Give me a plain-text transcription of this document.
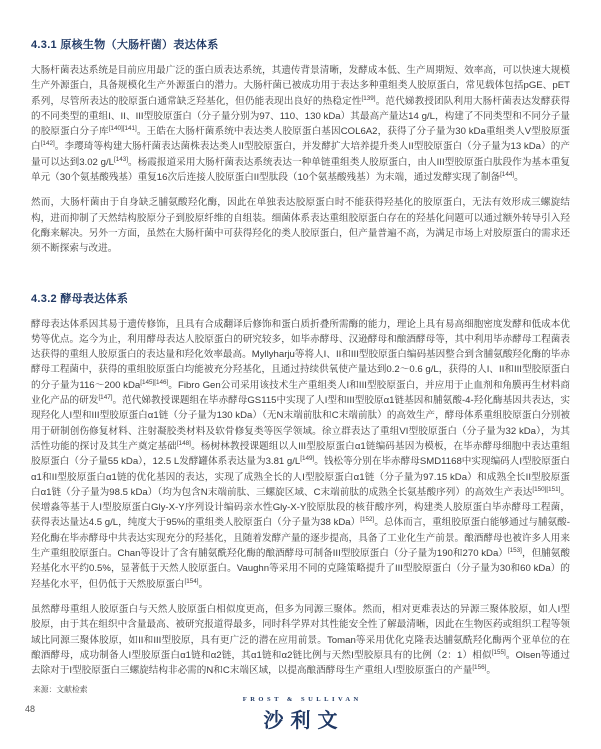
4.3.1 原核生物（大肠杆菌）表达体系

大肠杆菌表达系统是目前应用最广泛的蛋白质表达系统，其遗传背景清晰，发酵成本低、生产周期短、效率高，可以快速大规模生产外源蛋白，具备规模化生产外源蛋白的潜力。大肠杆菌已被成功用于表达多种重组类人胶原蛋白，常见载体包括pGE、pET系列，尽管所表达的胶原蛋白通常缺乏羟基化，但仍能表现出良好的热稳定性[139]。范代娣教授团队利用大肠杆菌表达发酵获得的不同类型的重组I、II、III型胶原蛋白（分子量分别为97、110、130 kDa）其最高产量达14 g/L，构建了不同类型和不同分子量的胶原蛋白分子库[140][141]。王皓在大肠杆菌系统中表达类人胶原蛋白基因COL6A2，获得了分子量为30 kDa重组类人V型胶原蛋白[142]。李璎琦等构建大肠杆菌表达菌株表达类人II型胶原蛋白，并发酵扩大培养提升类人II型胶原蛋白（分子量为13 kDa）的产量可以达到3.02 g/L[143]。杨霞报道采用大肠杆菌表达系统表达一种单链重组类人胶原蛋白，由人III型胶原蛋白肽段作为基本重复单元（30个氨基酸残基）重复16次后连接人胶原蛋白II型肽段（10个氨基酸残基）为末端，通过发酵实现了制备[144]。

然而，大肠杆菌由于自身缺乏脯氨酸羟化酶，因此在单独表达胶原蛋白时不能获得羟基化的胶原蛋白，无法有效形成三螺旋结构，进而抑制了天然结构胶原分子到胶原纤维的自组装。细菌体系表达重组胶原蛋白存在的羟基化问题可以通过额外转导引入羟化酶来解决。另外一方面，虽然在大肠杆菌中可获得羟化的类人胶原蛋白，但产量普遍不高，为满足市场上对胶原蛋白的需求还须不断探索与改进。

4.3.2 酵母表达体系

酵母表达体系因其易于遗传修饰，且具有合成翻译后修饰和蛋白质折叠所需酶的能力，理论上具有易高细胞密度发酵和低成本优势等优点。迄今为止，利用酵母表达人胶原蛋白的研究较多，如毕赤酵母、汉逊酵母和酿酒酵母等，其中利用毕赤酵母工程菌表达获得的重组人胶原蛋白的表达量和羟化效率最高。Myllyharju等将人I、II和III型胶原蛋白编码基因整合到含脯氨酸羟化酶的毕赤酵母工程菌中，获得的重组胶原蛋白均能被充分羟基化，且通过持续供氧使产量达到0.2～0.6 g/L，获得的人I、II和III型胶原蛋白的分子量为116～200 kDa[145][146]。Fibro Gen公司采用该技术生产重组类人I和III型胶原蛋白，并应用于止血剂和角膜再生材料商业化产品的研发[147]。范代娣教授课题组在毕赤酵母GS115中实现了人I型和III型胶原α1链基因和脯氨酸-4-羟化酶基因共表达，实现羟化人I型和III型胶原蛋白α1链（分子量为130 kDa）（无N末端前肽和C末端前肽）的高效生产，酵母体系重组胶原蛋白分别被用于研制创伤修复材料、注射凝胶类材料及软骨修复类等医学领域。徐立群表达了重组VI型胶原蛋白（分子量为32 kDa），为其活性功能的探讨及其生产奠定基础[148]。杨树林教授课题组以人III型胶原蛋白α1链编码基因为模板，在毕赤酵母细胞中表达重组胶原蛋白（分子量55 kDa），12.5 L发酵罐体系表达量为3.81 g/L[149]。钱松等分别在毕赤酵母SMD1168中实现编码人I型胶原蛋白α1和II型胶原蛋白α1链的优化基因的表达，实现了成熟全长的人I型胶原蛋白α1链（分子量为97.15 kDa）和成熟全长II型胶原蛋白α1链（分子量为98.5 kDa）（均为包含N末端前肽、三螺旋区域、C末端前肽的成熟全长氨基酸序列）的高效生产表达[150][151]。侯增淼等基于人I型胶原蛋白Gly-X-Y序列设计编码亲水性Gly-X-Y胶原肽段的核苷酸序列，构建类人胶原蛋白毕赤酵母工程菌，获得表达量达4.5 g/L，纯度大于95%的重组类人胶原蛋白（分子量为38 kDa）[152]。总体而言，重组胶原蛋白能够通过与脯氨酸-羟化酶在毕赤酵母中共表达实现充分的羟基化，且随着发酵产量的逐步提高，具备了工业化生产前景。酿酒酵母也被许多人用来生产重组胶原蛋白。Chan等设计了含有脯氨酰羟化酶的酿酒酵母可制备III型胶原蛋白（分子量为190和270 kDa）[153]，但脯氨酸羟基化水平约0.5%，显著低于天然人胶原蛋白。Vaughn等采用不同的克隆策略提升了III型胶原蛋白（分子量为30和60 kDa）的羟基化水平，但仍低于天然胶原蛋白[154]。

虽然酵母重组人胶原蛋白与天然人胶原蛋白相似度更高，但多为同源三聚体。然而，相对更难表达的异源三聚体胶原，如人I型胶原，由于其在组织中含量最高、被研究报道得最多，同时科学界对其性能安全性了解最清晰，因此在生物医药或组织工程等领域比同源三聚体胶原，如II和III型胶原，具有更广泛的潜在应用前景。Toman等采用优化克隆表达脯氨酰羟化酶两个亚单位的在酿酒酵母，成功制备人I型胶原蛋白α1链和α2链，其α1链和α2链比例与天然I型胶原具有的比例（2：1）相似[155]。Olsen等通过去除对于I型胶原蛋白三螺旋结构非必需的N和C末端区域，以提高酿酒酵母生产重组人I型胶原蛋白的产量[156]。

来源：文献检索
48
FROST & SULLIVAN
沙利文
